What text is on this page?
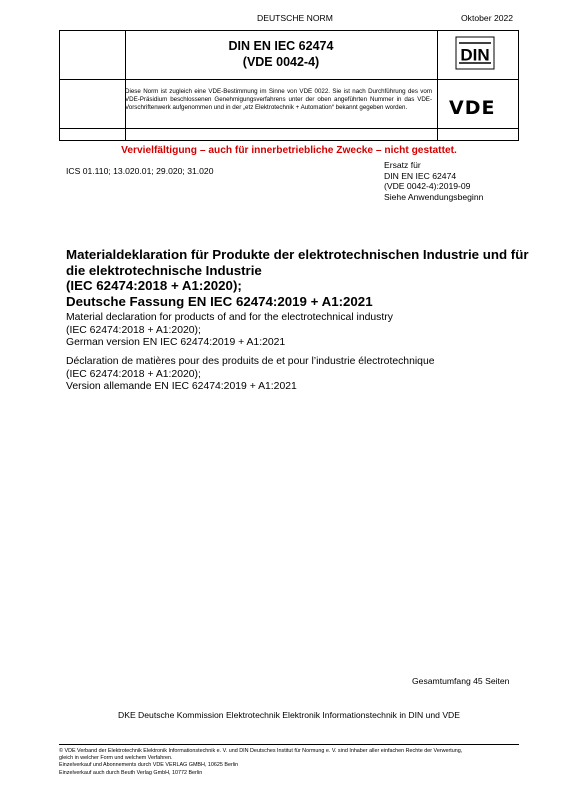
DEUTSCHE NORM	Oktober 2022
DIN EN IEC 62474
(VDE 0042-4)
Diese Norm ist zugleich eine VDE-Bestimmung im Sinne von VDE 0022. Sie ist nach Durchführung des vom VDE-Präsidium beschlossenen Genehmigungsverfahrens unter der oben angeführten Nummer in das VDE-Vorschriftenwerk aufgenommen und in der „etz Elektrotechnik + Automation“ bekannt gegeben worden.
DIN
VDE
Vervielfältigung – auch für innerbetriebliche Zwecke – nicht gestattet.
ICS 01.110; 13.020.01; 29.020; 31.020
Ersatz für
DIN EN IEC 62474
(VDE 0042-4):2019-09
Siehe Anwendungsbeginn
Materialdeklaration für Produkte der elektrotechnischen Industrie und für
die elektrotechnische Industrie
(IEC 62474:2018 + A1:2020);
Deutsche Fassung EN IEC 62474:2019 + A1:2021
Material declaration for products of and for the electrotechnical industry
(IEC 62474:2018 + A1:2020);
German version EN IEC 62474:2019 + A1:2021
Déclaration de matières pour des produits de et pour l’industrie électrotechnique
(IEC 62474:2018 + A1:2020);
Version allemande EN IEC 62474:2019 + A1:2021
Gesamtumfang 45 Seiten
DKE Deutsche Kommission Elektrotechnik Elektronik Informationstechnik in DIN und VDE
© VDE Verband der Elektrotechnik Elektronik Informationstechnik e. V. und DIN Deutsches Institut für Normung e. V. sind Inhaber aller einfachen Rechte der Verwertung,
gleich in welcher Form und welchem Verfahren.
Einzelverkauf und Abonnements durch VDE VERLAG GMBH, 10625 Berlin
Einzelverkauf auch durch Beuth Verlag GmbH, 10772 Berlin
